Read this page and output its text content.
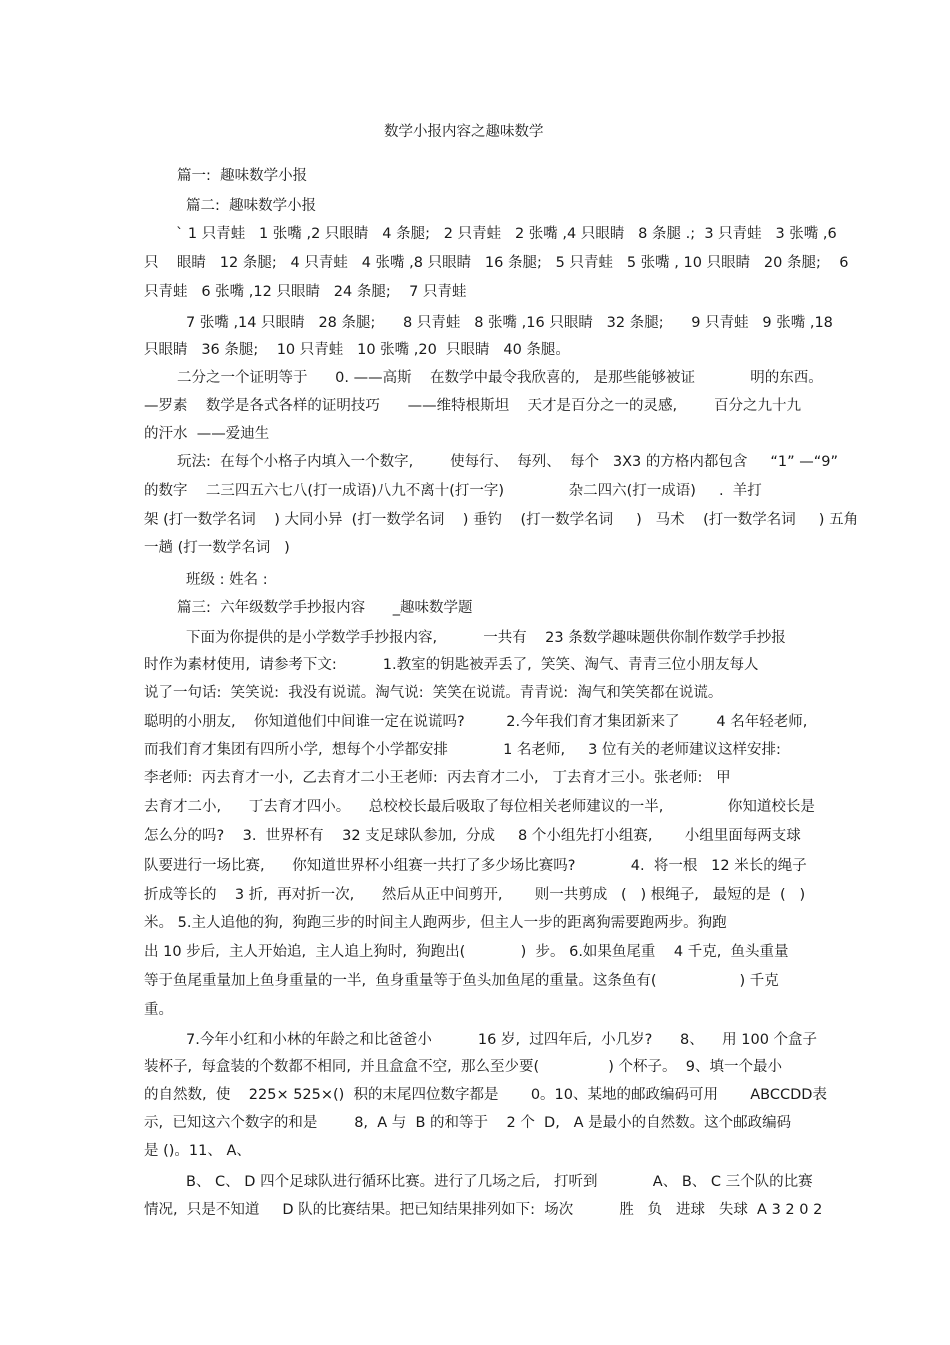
数学小报内容之趣味数学
篇一:  趣味数学小报
篇二:  趣味数学小报
` 1 只青蛙   1 张嘴 ,2 只眼睛   4 条腿;   2 只青蛙   2 张嘴 ,4 只眼睛   8 条腿 .;  3 只青蛙   3 张嘴 ,6
只    眼睛   12 条腿;   4 只青蛙   4 张嘴 ,8 只眼睛   16 条腿;   5 只青蛙   5 张嘴 , 10 只眼睛   20 条腿;    6
只青蛙   6 张嘴 ,12 只眼睛   24 条腿;    7 只青蛙
7 张嘴 ,14 只眼睛   28 条腿;      8 只青蛙   8 张嘴 ,16 只眼睛   32 条腿;      9 只青蛙   9 张嘴 ,18
只眼睛   36 条腿;    10 只青蛙   10 张嘴 ,20  只眼睛   40 条腿。
二分之一个证明等于      0. ——高斯    在数学中最令我欣喜的,   是那些能够被证            明的东西。
—罗素    数学是各式各样的证明技巧      ——维特根斯坦    天才是百分之一的灵感,        百分之九十九
的汗水  ——爱迪生
玩法:  在每个小格子内填入一个数字,        使每行、  每列、  每个   3X3 的方格内都包含     “1” —“9”
的数字    二三四五六七八(打一成语)八九不离十(打一字)              杂二四六(打一成语)     .  羊打
架 (打一数学名词    ) 大同小异  (打一数学名词    ) 垂钓    (打一数学名词     )   马术    (打一数学名词     ) 五角
一趟 (打一数学名词   )
班级 : 姓名 :
篇三:  六年级数学手抄报内容      _趣味数学题
下面为你提供的是小学数学手抄报内容,          一共有    23 条数学趣味题供你制作数学手抄报
时作为素材使用,  请参考下文:          1.教室的钥匙被弄丢了,  笑笑、淘气、青青三位小朋友每人
说了一句话:  笑笑说:  我没有说谎。淘气说:  笑笑在说谎。青青说:  淘气和笑笑都在说谎。
聪明的小朋友,    你知道他们中间谁一定在说谎吗?         2.今年我们育才集团新来了        4 名年轻老师,
而我们育才集团有四所小学,  想每个小学都安排            1 名老师,     3 位有关的老师建议这样安排:
李老师:  丙去育才一小,  乙去育才二小王老师:  丙去育才二小,   丁去育才三小。张老师:   甲
去育才二小,      丁去育才四小。    总校校长最后吸取了每位相关老师建议的一半,              你知道校长是
怎么分的吗?    3.  世界杯有    32 支足球队参加,  分成     8 个小组先打小组赛,       小组里面每两支球
队要进行一场比赛,      你知道世界杯小组赛一共打了多少场比赛吗?            4.  将一根   12 米长的绳子
折成等长的    3 折,  再对折一次,      然后从正中间剪开,       则一共剪成   (   ) 根绳子,   最短的是  (   )
米。 5.主人追他的狗,  狗跑三步的时间主人跑两步,  但主人一步的距离狗需要跑两步。狗跑
出 10 步后,  主人开始追,  主人追上狗时,  狗跑出(            )  步。 6.如果鱼尾重    4 千克,  鱼头重量
等于鱼尾重量加上鱼身重量的一半,  鱼身重量等于鱼头加鱼尾的重量。这条鱼有(                  ) 千克
重。
7.今年小红和小林的年龄之和比爸爸小          16 岁,  过四年后,  小几岁?      8、    用 100 个盒子
装杯子,  每盒装的个数都不相同,  并且盒盒不空,  那么至少要(               ) 个杯子。  9、填一个最小
的自然数,  使    225× 525×()  积的末尾四位数字都是       0。10、某地的邮政编码可用       ABCCDD表
示,  已知这六个数字的和是        8,  A 与  B 的和等于    2 个  D,   A 是最小的自然数。这个邮政编码
是 ()。11、 A、
B、 C、 D 四个足球队进行循环比赛。进行了几场之后,   打听到            A、 B、 C 三个队的比赛
情况,  只是不知道     D 队的比赛结果。把已知结果排列如下:  场次          胜   负   进球   失球  A 3 2 0 2
